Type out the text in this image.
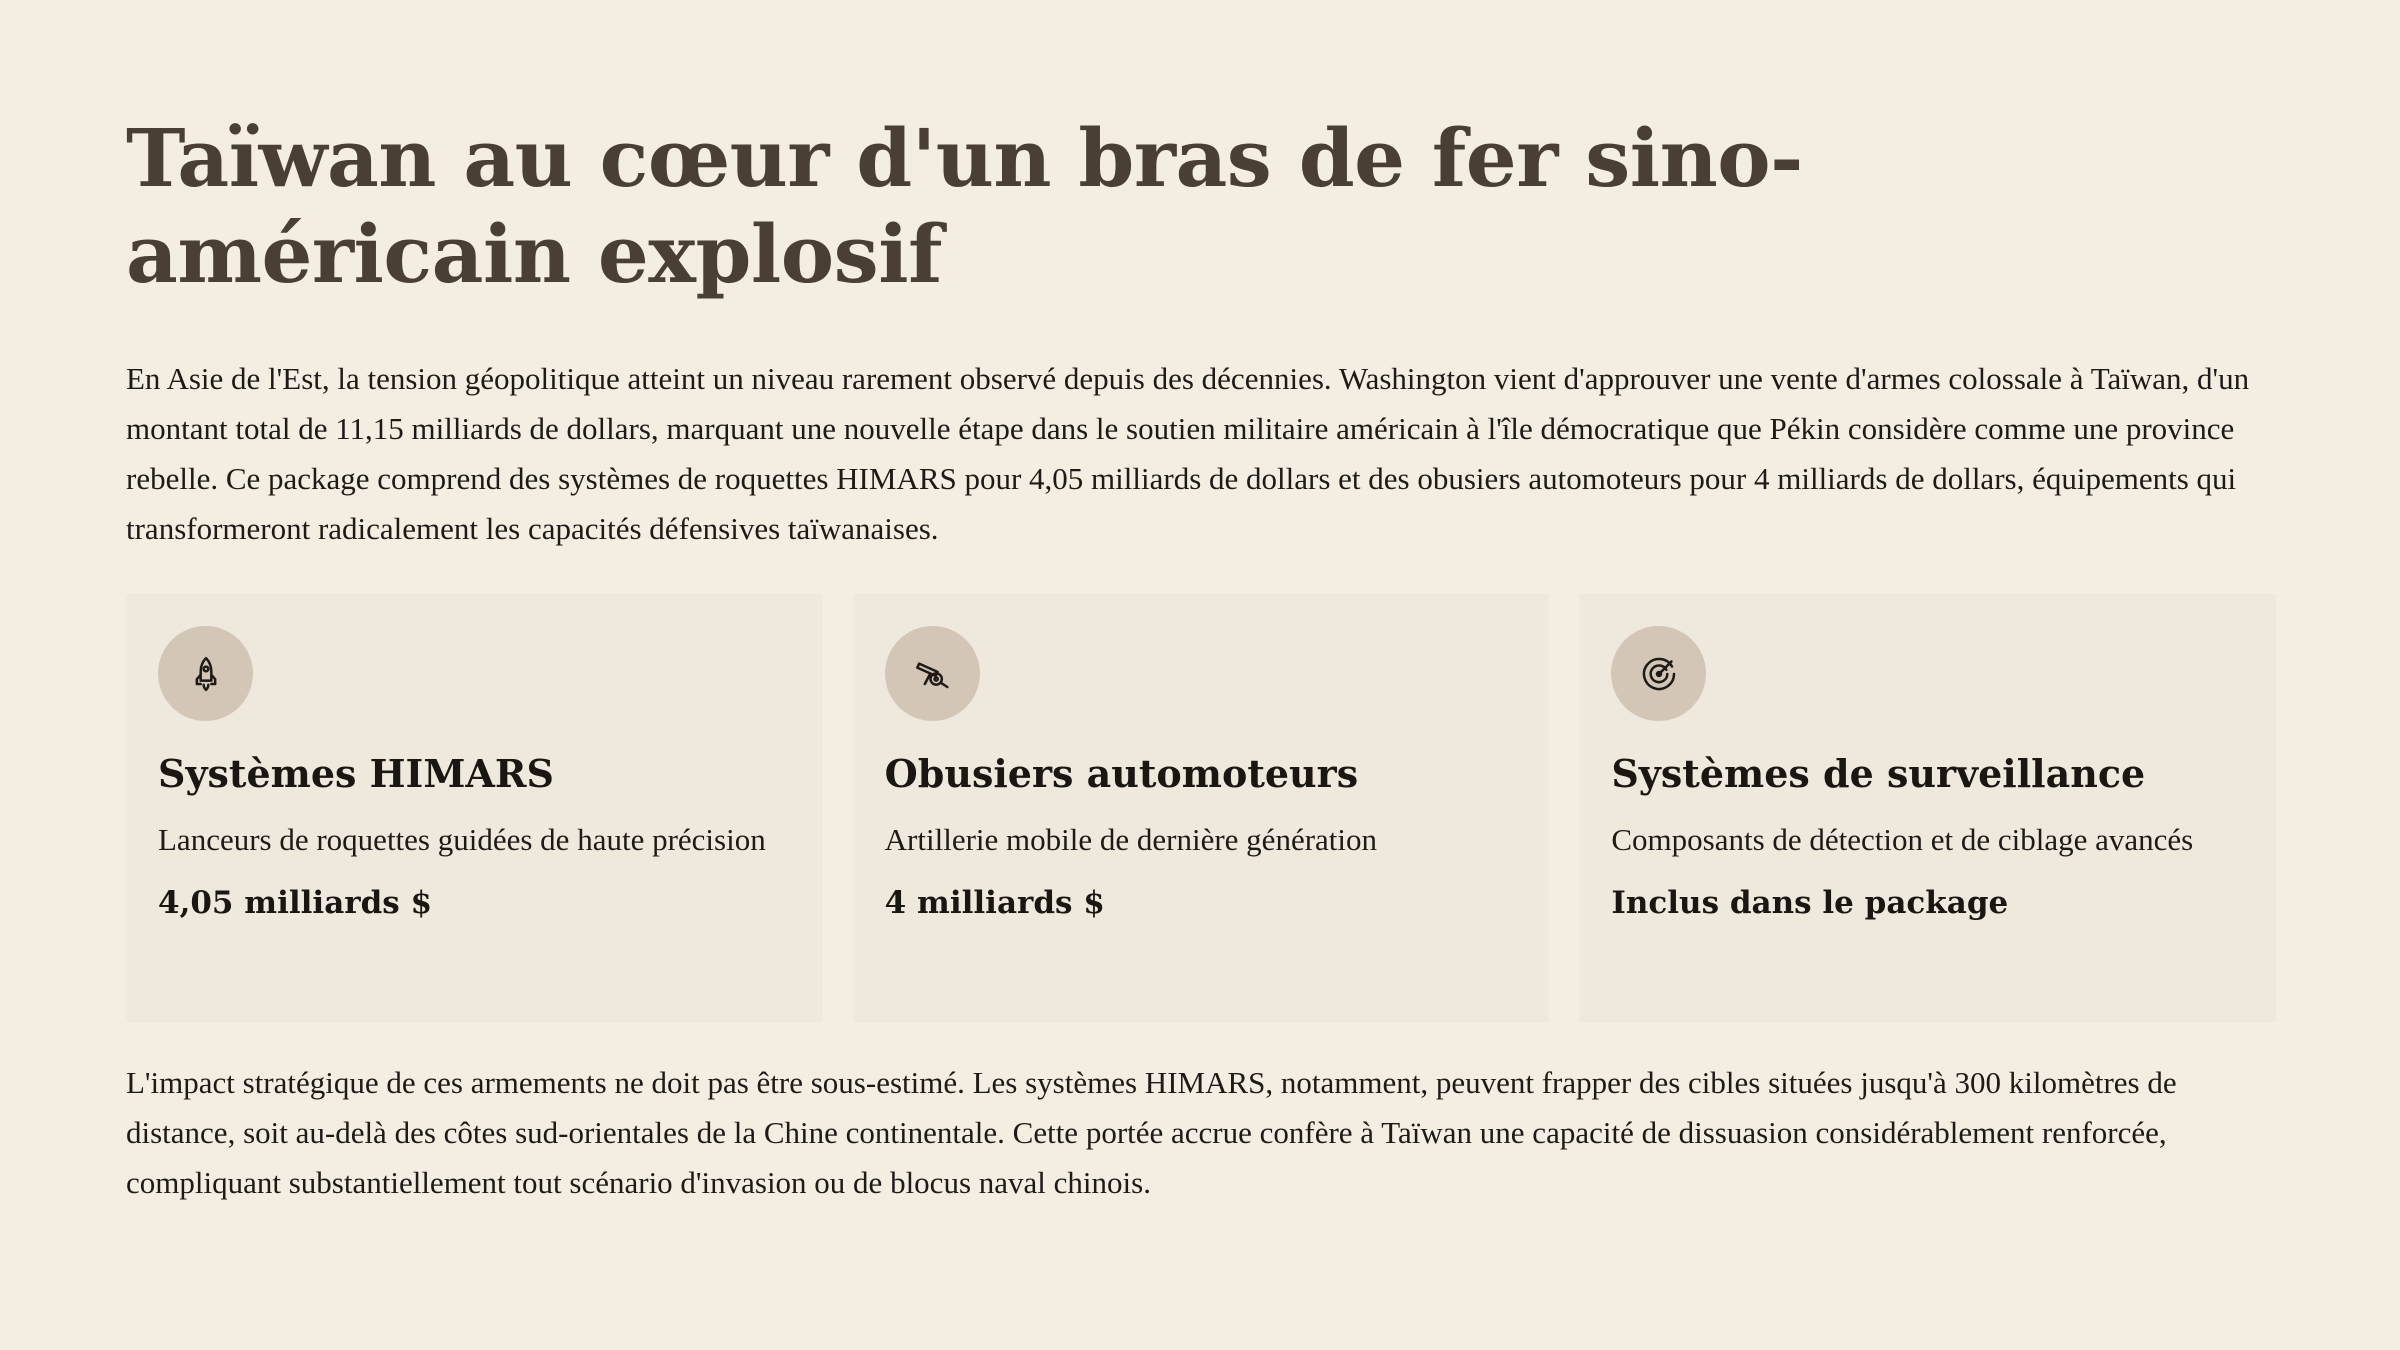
Taïwan au cœur d'un bras de fer sino-américain explosif

En Asie de l'Est, la tension géopolitique atteint un niveau rarement observé depuis des décennies. Washington vient d'approuver une vente d'armes colossale à Taïwan, d'un montant total de 11,15 milliards de dollars, marquant une nouvelle étape dans le soutien militaire américain à l'île démocratique que Pékin considère comme une province rebelle. Ce package comprend des systèmes de roquettes HIMARS pour 4,05 milliards de dollars et des obusiers automoteurs pour 4 milliards de dollars, équipements qui transformeront radicalement les capacités défensives taïwanaises.

Systèmes HIMARS
Lanceurs de roquettes guidées de haute précision
4,05 milliards $
Obusiers automoteurs
Artillerie mobile de dernière génération
4 milliards $
Systèmes de surveillance
Composants de détection et de ciblage avancés
Inclus dans le package

L'impact stratégique de ces armements ne doit pas être sous-estimé. Les systèmes HIMARS, notamment, peuvent frapper des cibles situées jusqu'à 300 kilomètres de distance, soit au-delà des côtes sud-orientales de la Chine continentale. Cette portée accrue confère à Taïwan une capacité de dissuasion considérablement renforcée, compliquant substantiellement tout scénario d'invasion ou de blocus naval chinois.
